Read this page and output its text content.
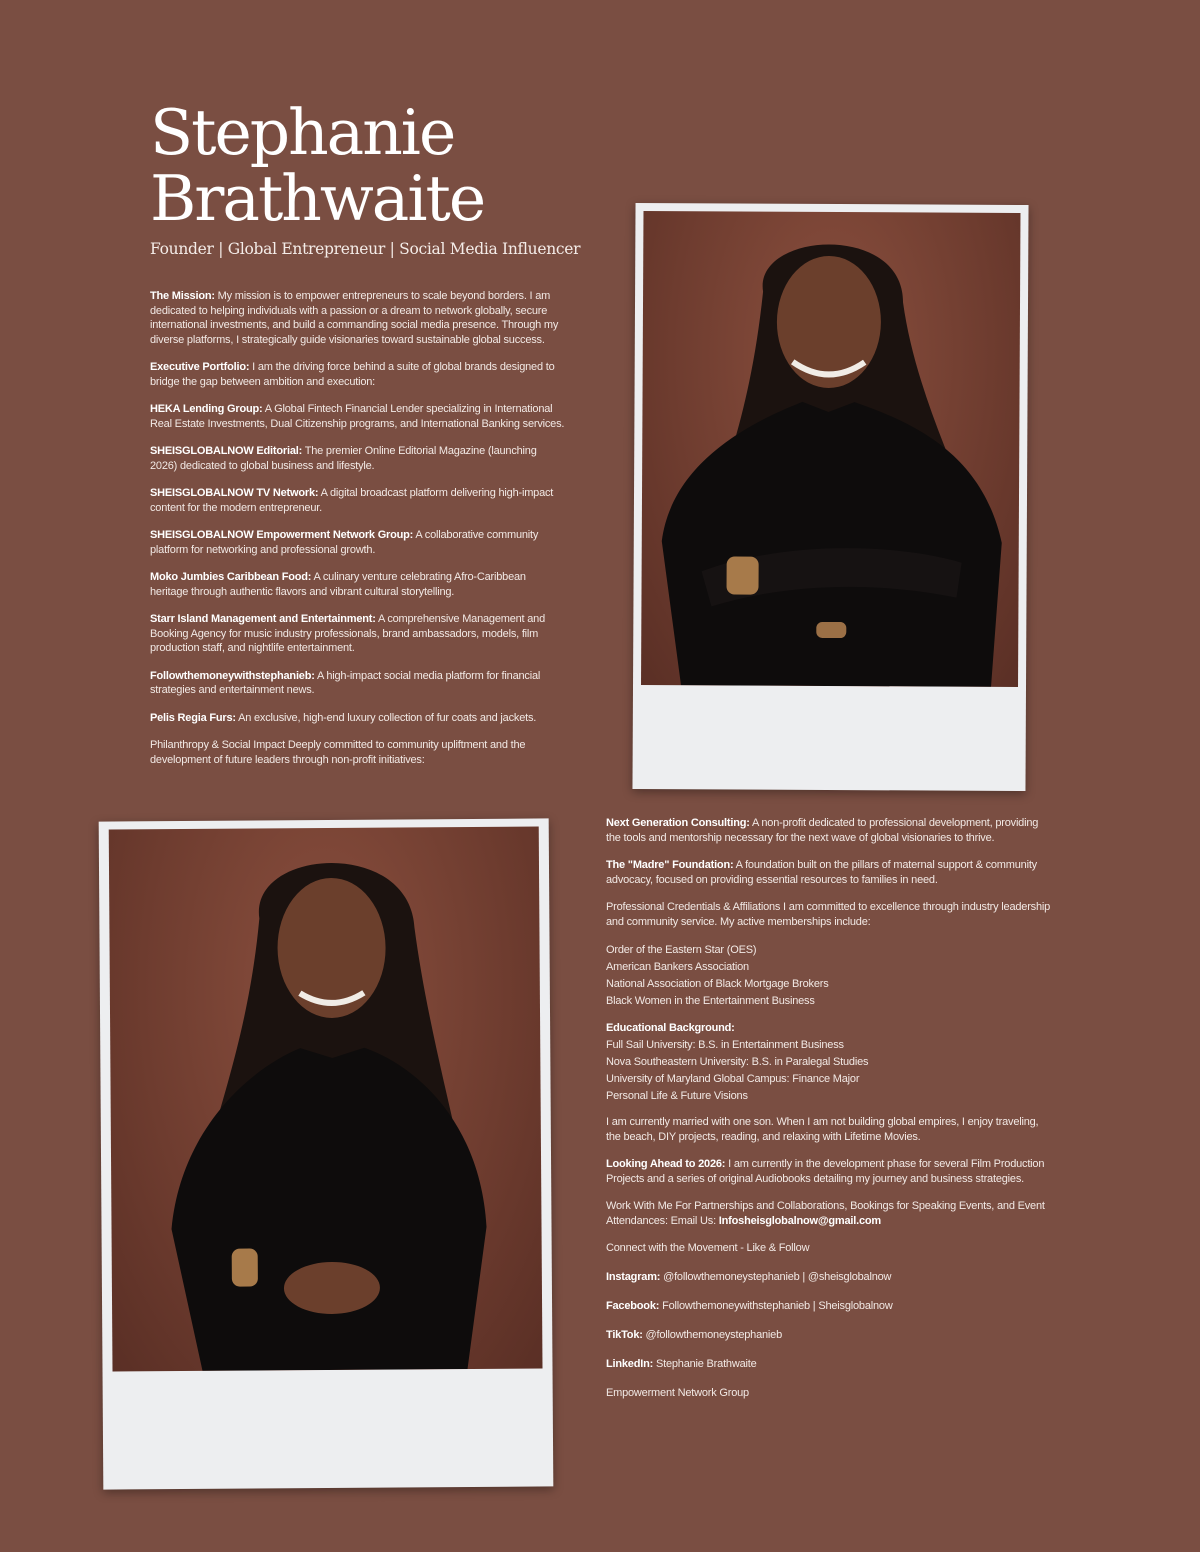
Stephanie
Brathwaite
Founder | Global Entrepreneur | Social Media Influencer

The Mission: My mission is to empower entrepreneurs to scale beyond borders. I am dedicated to helping individuals with a passion or a dream to network globally, secure international investments, and build a commanding social media presence. Through my diverse platforms, I strategically guide visionaries toward sustainable global success.

Executive Portfolio: I am the driving force behind a suite of global brands designed to bridge the gap between ambition and execution:

HEKA Lending Group: A Global Fintech Financial Lender specializing in International Real Estate Investments, Dual Citizenship programs, and International Banking services.

SHEISGLOBALNOW Editorial: The premier Online Editorial Magazine (launching 2026) dedicated to global business and lifestyle.

SHEISGLOBALNOW TV Network: A digital broadcast platform delivering high-impact content for the modern entrepreneur.

SHEISGLOBALNOW Empowerment Network Group: A collaborative community platform for networking and professional growth.

Moko Jumbies Caribbean Food: A culinary venture celebrating Afro-Caribbean heritage through authentic flavors and vibrant cultural storytelling.

Starr Island Management and Entertainment: A comprehensive Management and Booking Agency for music industry professionals, brand ambassadors, models, film production staff, and nightlife entertainment.

Followthemoneywithstephanieb: A high-impact social media platform for financial strategies and entertainment news.

Pelis Regia Furs: An exclusive, high-end luxury collection of fur coats and jackets.

Philanthropy & Social Impact Deeply committed to community upliftment and the development of future leaders through non-profit initiatives:

Next Generation Consulting: A non-profit dedicated to professional development, providing the tools and mentorship necessary for the next wave of global visionaries to thrive.

The "Madre" Foundation: A foundation built on the pillars of maternal support & community advocacy, focused on providing essential resources to families in need.

Professional Credentials & Affiliations I am committed to excellence through industry leadership and community service. My active memberships include:

Order of the Eastern Star (OES)
American Bankers Association
National Association of Black Mortgage Brokers
Black Women in the Entertainment Business
Educational Background:
Full Sail University: B.S. in Entertainment Business
Nova Southeastern University: B.S. in Paralegal Studies
University of Maryland Global Campus: Finance Major
Personal Life & Future Visions

I am currently married with one son. When I am not building global empires, I enjoy traveling, the beach, DIY projects, reading, and relaxing with Lifetime Movies.

Looking Ahead to 2026: I am currently in the development phase for several Film Production Projects and a series of original Audiobooks detailing my journey and business strategies.

Work With Me For Partnerships and Collaborations, Bookings for Speaking Events, and Event Attendances: Email Us: Infosheisglobalnow@gmail.com

Connect with the Movement - Like & Follow

Instagram: @followthemoneystephanieb | @sheisglobalnow

Facebook: Followthemoneywithstephanieb | Sheisglobalnow

TikTok: @followthemoneystephanieb

LinkedIn: Stephanie Brathwaite

Empowerment Network Group
